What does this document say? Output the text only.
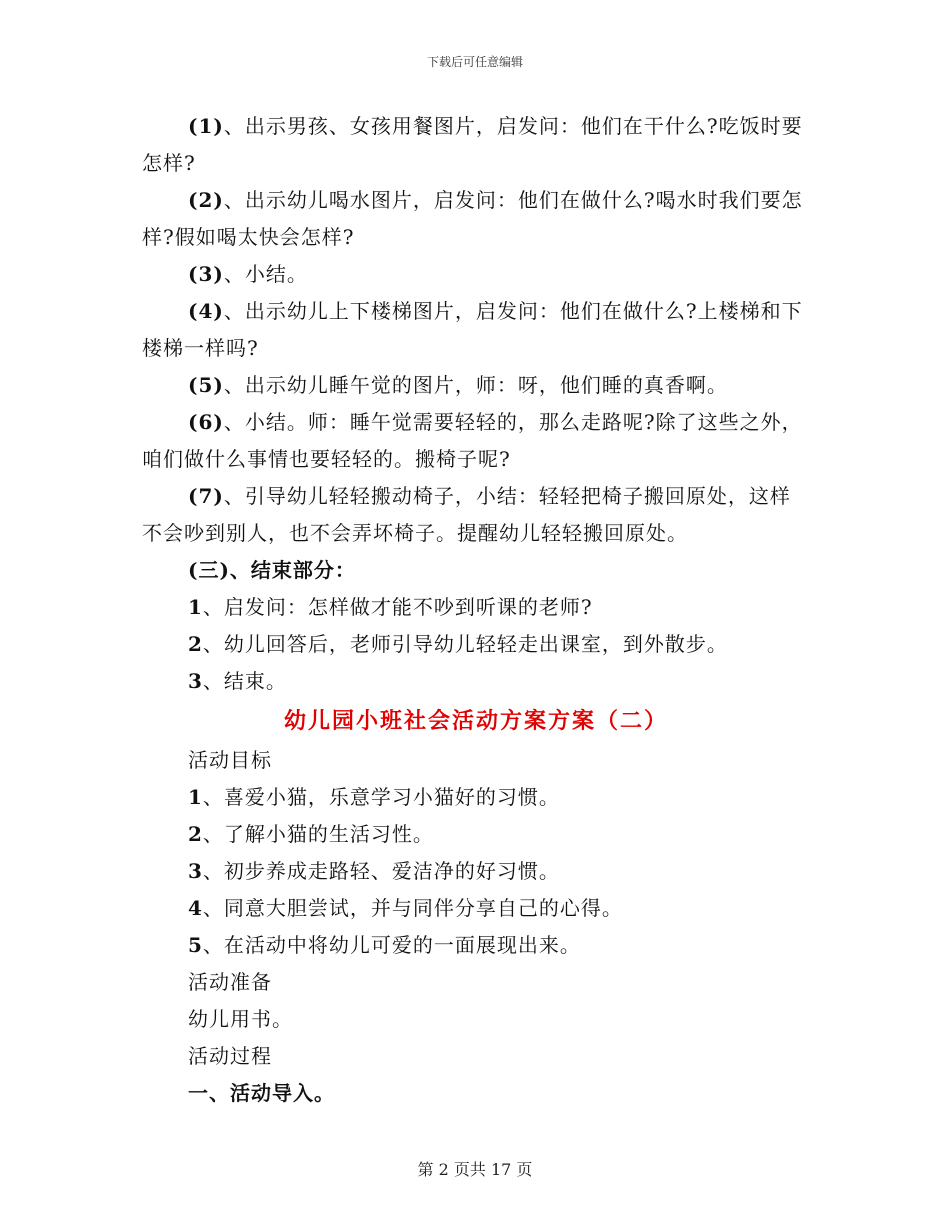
下载后可任意编辑
(1)、出示男孩、女孩用餐图片，启发问：他们在干什么?吃饭时要怎样?
(2)、出示幼儿喝水图片，启发问：他们在做什么?喝水时我们要怎样?假如喝太快会怎样?
(3)、小结。
(4)、出示幼儿上下楼梯图片，启发问：他们在做什么?上楼梯和下楼梯一样吗?
(5)、出示幼儿睡午觉的图片，师：呀，他们睡的真香啊。
(6)、小结。师：睡午觉需要轻轻的，那么走路呢?除了这些之外，咱们做什么事情也要轻轻的。搬椅子呢?
(7)、引导幼儿轻轻搬动椅子，小结：轻轻把椅子搬回原处，这样不会吵到别人，也不会弄坏椅子。提醒幼儿轻轻搬回原处。
(三)、结束部分：
1、启发问：怎样做才能不吵到听课的老师?
2、幼儿回答后，老师引导幼儿轻轻走出课室，到外散步。
3、结束。
幼儿园小班社会活动方案方案（二）
活动目标
1、喜爱小猫，乐意学习小猫好的习惯。
2、了解小猫的生活习性。
3、初步养成走路轻、爱洁净的好习惯。
4、同意大胆尝试，并与同伴分享自己的心得。
5、在活动中将幼儿可爱的一面展现出来。
活动准备
幼儿用书。
活动过程
一、活动导入。
第 2 页共 17 页
